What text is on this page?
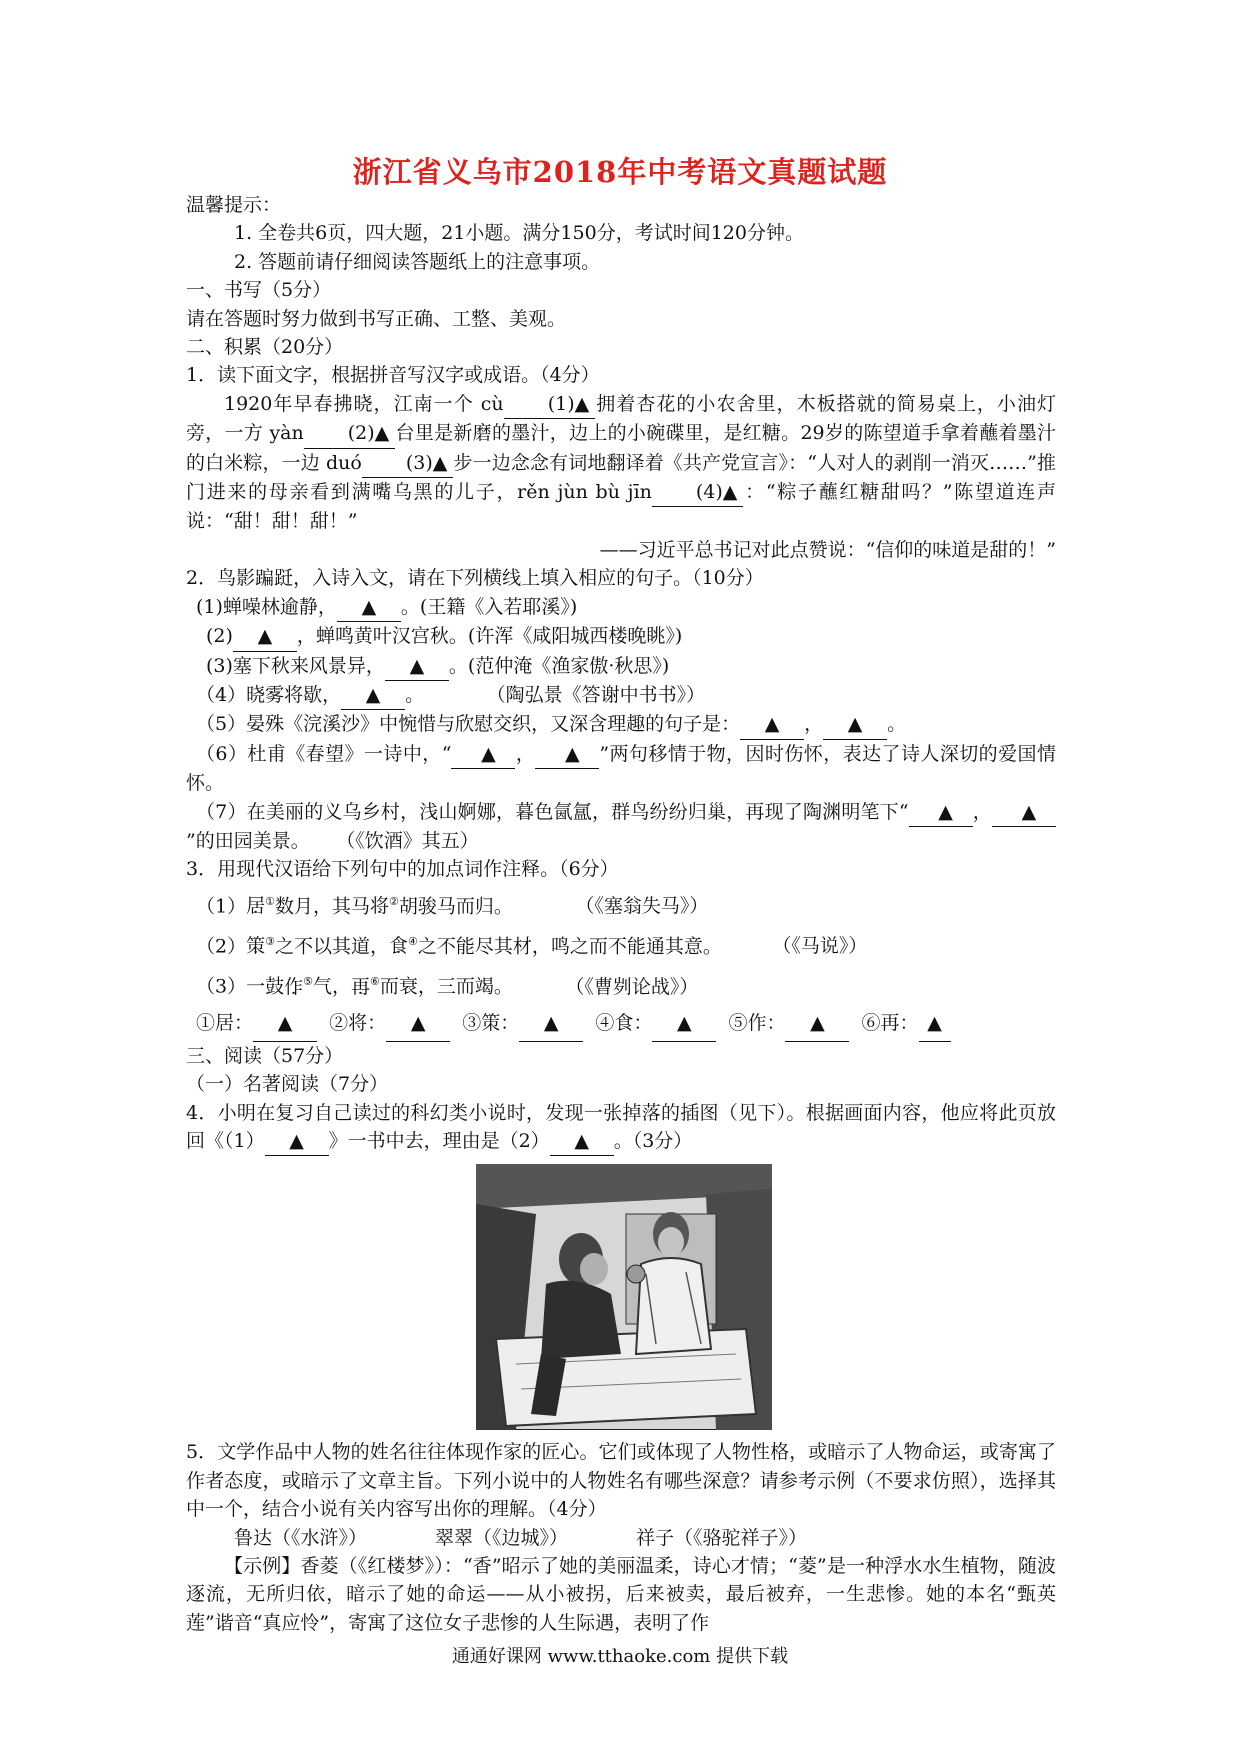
浙江省义乌市2018年中考语文真题试题

温馨提示：

1. 全卷共6页，四大题，21小题。满分150分，考试时间120分钟。

2. 答题前请仔细阅读答题纸上的注意事项。

一、书写（5分）

请在答题时努力做到书写正确、工整、美观。

二、积累（20分）

1．读下面文字，根据拼音写汉字或成语。（4分）

1920年早春拂晓，江南一个 cù (1)▲ 拥着杏花的小农舍里，木板搭就的简易桌上，小油灯旁，一方 yàn (2)▲ 台里是新磨的墨汁，边上的小碗碟里，是红糖。29岁的陈望道手拿着蘸着墨汁的白米粽，一边 duó (3)▲ 步一边念念有词地翻译着《共产党宣言》：“人对人的剥削一消灭……”推门进来的母亲看到满嘴乌黑的儿子，rěn jùn bù jīn (4)▲ ：“粽子蘸红糖甜吗？”陈望道连声说：“甜！甜！甜！”

——习近平总书记对此点赞说：“信仰的味道是甜的！”

2．鸟影蹁跹，入诗入文，请在下列横线上填入相应的句子。（10分）

(1)蝉噪林逾静， ▲ 。(王籍《入若耶溪》)

(2) ▲ ，蝉鸣黄叶汉宫秋。(许浑《咸阳城西楼晚眺》)

(3)塞下秋来风景异， ▲ 。(范仲淹《渔家傲·秋思》)

（4）晓雾将歇， ▲ 。	（陶弘景《答谢中书书》）

（5）晏殊《浣溪沙》中惋惜与欣慰交织，又深含理趣的句子是： ▲ ， ▲ 。

（6）杜甫《春望》一诗中，“ ▲ ， ▲ ”两句移情于物，因时伤怀，表达了诗人深切的爱国情怀。

（7）在美丽的义乌乡村，浅山婀娜，暮色氤氲，群鸟纷纷归巢，再现了陶渊明笔下“ ▲ ， ▲”的田园美景。 （《饮酒》其五）

3．用现代汉语给下列句中的加点词作注释。（6分）

（1）居①数月，其马将②胡骏马而归。	（《塞翁失马》）

（2）策③之不以其道，食④之不能尽其材，鸣之而不能通其意。	（《马说》）

（3）一鼓作⑤气，再⑥而衰，三而竭。	（《曹刿论战》）

①居： ▲ ②将： ▲ ③策： ▲ ④食： ▲ ⑤作： ▲ ⑥再： ▲

三、阅读（57分）

（一）名著阅读（7分）

4．小明在复习自己读过的科幻类小说时，发现一张掉落的插图（见下）。根据画面内容，他应将此页放回《（1） ▲ 》一书中去，理由是（2） ▲ 。（3分）

5．文学作品中人物的姓名往往体现作家的匠心。它们或体现了人物性格，或暗示了人物命运，或寄寓了作者态度，或暗示了文章主旨。下列小说中的人物姓名有哪些深意？请参考示例（不要求仿照），选择其中一个，结合小说有关内容写出你的理解。（4分）

鲁达（《水浒》）	翠翠（《边城》）	祥子（《骆驼祥子》）

【示例】香菱（《红楼梦》）：“香”昭示了她的美丽温柔，诗心才情；“菱”是一种浮水水生植物，随波逐流，无所归依，暗示了她的命运——从小被拐，后来被卖，最后被弃，一生悲惨。她的本名“甄英莲”谐音“真应怜”，寄寓了这位女子悲惨的人生际遇，表明了作

通通好课网 www.tthaoke.com 提供下载
